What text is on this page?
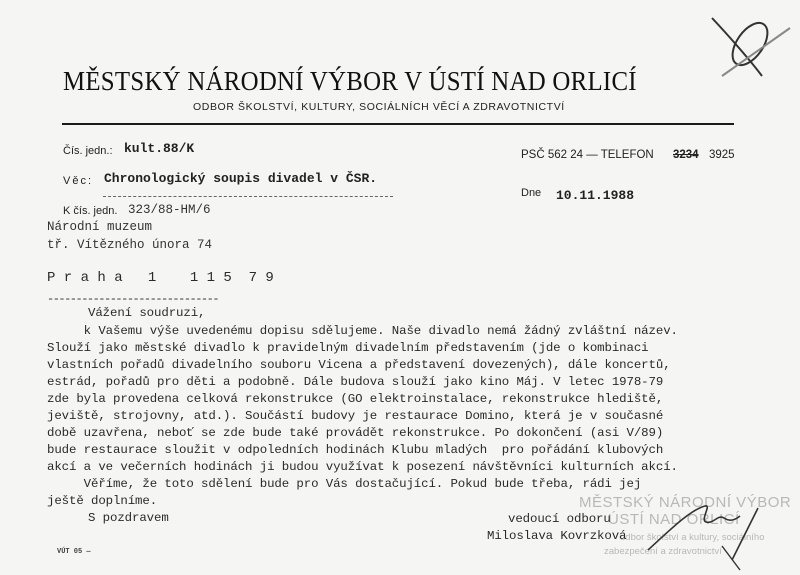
MĚSTSKÝ NÁRODNÍ VÝBOR V ÚSTÍ NAD ORLICÍ
ODBOR ŠKOLSTVÍ, KULTURY, SOCIÁLNÍCH VĚCÍ A ZDRAVOTNICTVÍ
Čís. jedn.: kult.88/K
Věc: Chronologický soupis divadel v ČSR.
K čís. jedn. 323/88-HM/6
PSČ 562 24 — TELEFON 3234 3925
Dne 10.11.1988
Národní muzeum
tř. Vítězného února 74
P r a h a   1    1 1 5  7 9
------------------------------
Vážení soudruzi,
k Vašemu výše uvedenému dopisu sdělujeme. Naše divadlo nemá žádný zvláštní název.
Slouží jako městské divadlo k pravidelným divadelním představením (jde o kombinaci
vlastních pořadů divadelního souboru Vicena a představení dovezených), dále koncertů,
estrád, pořadů pro děti a podobně. Dále budova slouží jako kino Máj. V letec 1978-79
zde byla provedena celková rekonstrukce (GO elektroinstalace, rekonstrukce hlediště,
jeviště, strojovny, atd.). Součástí budovy je restaurace Domino, která je v současné
době uzavřena, neboť se zde bude také provádět rekonstrukce. Po dokončení (asi V/89)
bude restaurace sloužit v odpoledních hodinách Klubu mladých  pro pořádání klubových
akcí a ve večerních hodinách ji budou využívat k posezení návštěvníci kulturních akcí.
Věříme, že toto sdělení bude pro Vás dostačující. Pokud bude třeba, rádi jej
ještě doplníme.
S pozdravem
MĚSTSKÝ NÁRODNÍ VÝBOR
ÚSTÍ NAD ORLICÍ
odbor školství a kultury, sociálního
zabezpečení a zdravotnictví
vedoucí odboru
Miloslava Kovrzková
VÚT 05 —
